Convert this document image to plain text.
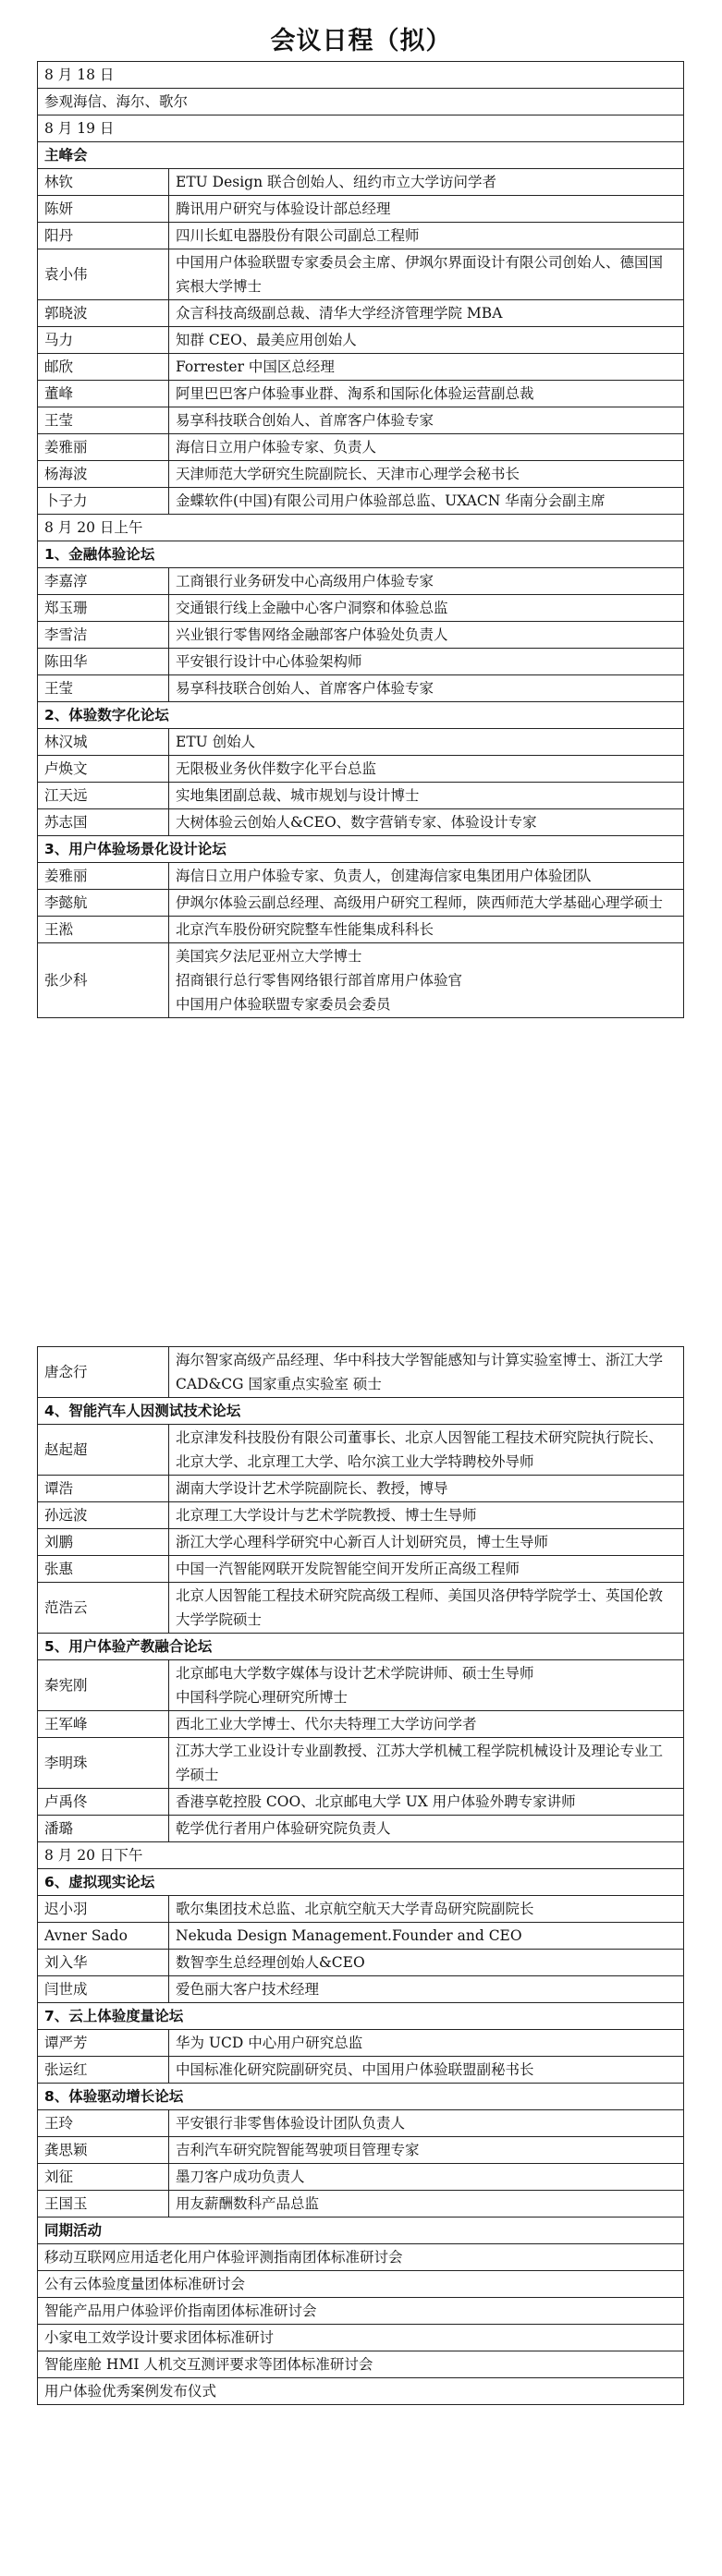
会议日程（拟）
8 月 18 日	
参观海信、海尔、歌尔	
8 月 19 日	
主峰会	
林钦	ETU Design 联合创始人、纽约市立大学访问学者
陈妍	腾讯用户研究与体验设计部总经理
阳丹	四川长虹电器股份有限公司副总工程师
袁小伟	中国用户体验联盟专家委员会主席、伊飒尔界面设计有限公司创始人、德国国宾根大学博士
郭晓波	众言科技高级副总裁、清华大学经济管理学院 MBA
马力	知群 CEO、最美应用创始人
邮欣	Forrester 中国区总经理
董峰	阿里巴巴客户体验事业群、淘系和国际化体验运营副总裁
王莹	易享科技联合创始人、首席客户体验专家
姜雅丽	海信日立用户体验专家、负责人
杨海波	天津师范大学研究生院副院长、天津市心理学会秘书长
卜子力	金蝶软件(中国)有限公司用户体验部总监、UXACN 华南分会副主席
8 月 20 日上午	
1、金融体验论坛	
李嘉淳	工商银行业务研发中心高级用户体验专家
郑玉珊	交通银行线上金融中心客户洞察和体验总监
李雪洁	兴业银行零售网络金融部客户体验处负责人
陈田华	平安银行设计中心体验架构师
王莹	易享科技联合创始人、首席客户体验专家
2、体验数字化论坛	
林汉城	ETU 创始人
卢焕文	无限极业务伙伴数字化平台总监
江天远	实地集团副总裁、城市规划与设计博士
苏志国	大树体验云创始人&CEO、数字营销专家、体验设计专家
3、用户体验场景化设计论坛	
姜雅丽	海信日立用户体验专家、负责人，创建海信家电集团用户体验团队
李懿航	伊飒尔体验云副总经理、高级用户研究工程师，陕西师范大学基础心理学硕士
王淞	北京汽车股份研究院整车性能集成科科长
张少科	美国宾夕法尼亚州立大学博士
招商银行总行零售网络银行部首席用户体验官
中国用户体验联盟专家委员会委员
唐念行	海尔智家高级产品经理、华中科技大学智能感知与计算实验室博士、浙江大学 CAD&CG 国家重点实验室 硕士
4、智能汽车人因测试技术论坛	
赵起超	北京津发科技股份有限公司董事长、北京人因智能工程技术研究院执行院长、北京大学、北京理工大学、哈尔滨工业大学特聘校外导师
谭浩	湖南大学设计艺术学院副院长、教授，博导
孙远波	北京理工大学设计与艺术学院教授、博士生导师
刘鹏	浙江大学心理科学研究中心新百人计划研究员，博士生导师
张惠	中国一汽智能网联开发院智能空间开发所正高级工程师
范浩云	北京人因智能工程技术研究院高级工程师、美国贝洛伊特学院学士、英国伦敦大学学院硕士
5、用户体验产教融合论坛	
秦宪刚	北京邮电大学数字媒体与设计艺术学院讲师、硕士生导师
中国科学院心理研究所博士
王军峰	西北工业大学博士、代尔夫特理工大学访问学者
李明珠	江苏大学工业设计专业副教授、江苏大学机械工程学院机械设计及理论专业工学硕士
卢禹佟	香港享乾控股 COO、北京邮电大学 UX 用户体验外聘专家讲师
潘璐	乾学优行者用户体验研究院负责人
8 月 20 日下午	
6、虚拟现实论坛	
迟小羽	歌尔集团技术总监、北京航空航天大学青岛研究院副院长
Avner Sado	Nekuda Design Management.Founder and CEO
刘入华	数智孪生总经理创始人&CEO
闫世成	爱色丽大客户技术经理
7、云上体验度量论坛	
谭严芳	华为 UCD 中心用户研究总监
张运红	中国标准化研究院副研究员、中国用户体验联盟副秘书长
8、体验驱动增长论坛	
王玲	平安银行非零售体验设计团队负责人
龚思颖	吉利汽车研究院智能驾驶项目管理专家
刘征	墨刀客户成功负责人
王国玉	用友薪酬数科产品总监
同期活动	
移动互联网应用适老化用户体验评测指南团体标准研讨会	
公有云体验度量团体标准研讨会	
智能产品用户体验评价指南团体标准研讨会	
小家电工效学设计要求团体标准研讨	
智能座舱 HMI 人机交互测评要求等团体标准研讨会	
用户体验优秀案例发布仪式	
